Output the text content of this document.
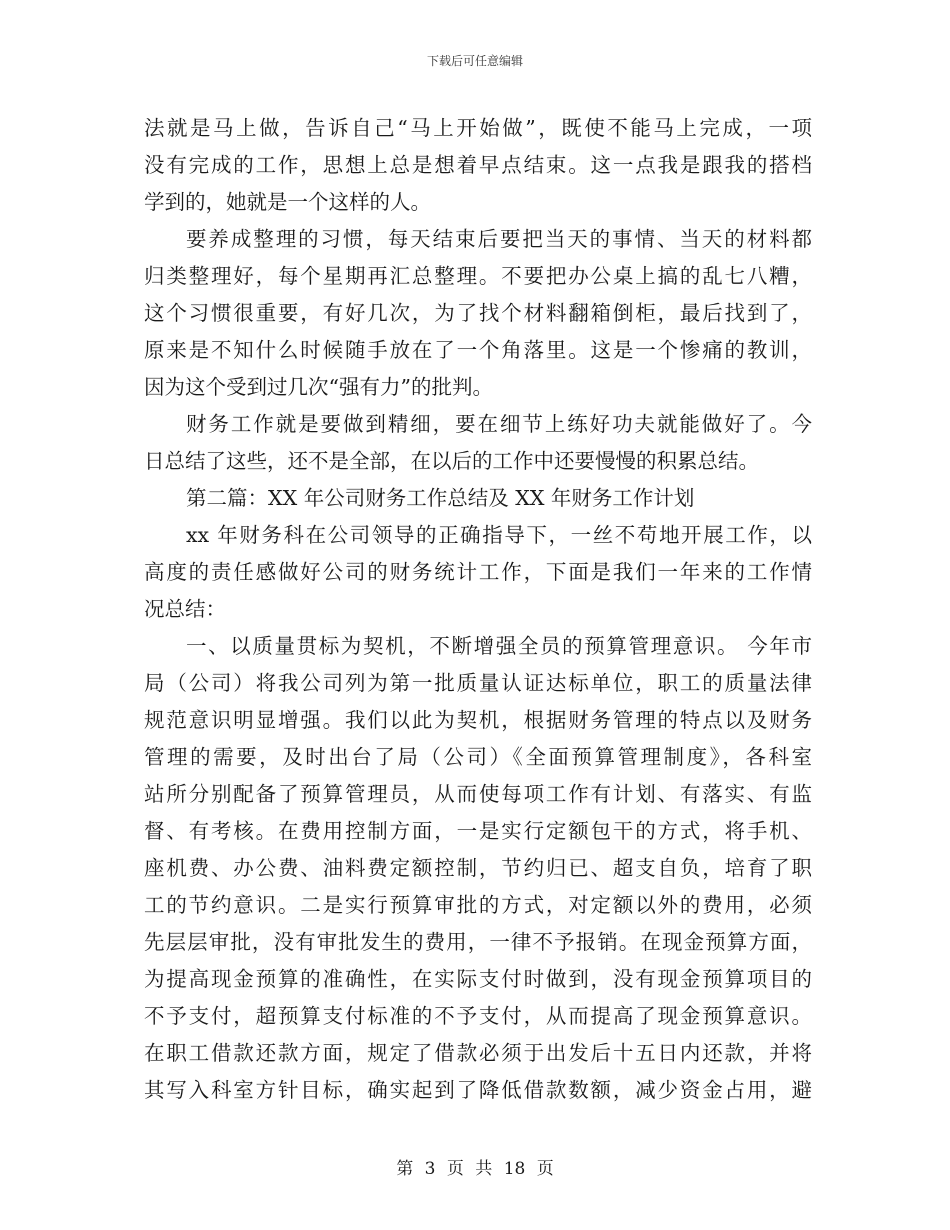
下载后可任意编辑
法就是马上做，告诉自己“马上开始做”，既使不能马上完成，一项
没有完成的工作，思想上总是想着早点结束。这一点我是跟我的搭档
学到的，她就是一个这样的人。
要养成整理的习惯，每天结束后要把当天的事情、当天的材料都
归类整理好，每个星期再汇总整理。不要把办公桌上搞的乱七八糟，
这个习惯很重要，有好几次，为了找个材料翻箱倒柜，最后找到了，
原来是不知什么时候随手放在了一个角落里。这是一个惨痛的教训，
因为这个受到过几次“强有力”的批判。
财务工作就是要做到精细，要在细节上练好功夫就能做好了。今
日总结了这些，还不是全部，在以后的工作中还要慢慢的积累总结。
第二篇：XX 年公司财务工作总结及 XX 年财务工作计划
xx 年财务科在公司领导的正确指导下，一丝不苟地开展工作，以
高度的责任感做好公司的财务统计工作，下面是我们一年来的工作情
况总结：
一、以质量贯标为契机，不断增强全员的预算管理意识。 今年市
局（公司）将我公司列为第一批质量认证达标单位，职工的质量法律
规范意识明显增强。我们以此为契机，根据财务管理的特点以及财务
管理的需要，及时出台了局（公司）《全面预算管理制度》，各科室
站所分别配备了预算管理员，从而使每项工作有计划、有落实、有监
督、有考核。在费用控制方面，一是实行定额包干的方式，将手机、
座机费、办公费、油料费定额控制，节约归已、超支自负，培育了职
工的节约意识。二是实行预算审批的方式，对定额以外的费用，必须
先层层审批，没有审批发生的费用，一律不予报销。在现金预算方面，
为提高现金预算的准确性，在实际支付时做到，没有现金预算项目的
不予支付，超预算支付标准的不予支付，从而提高了现金预算意识。
在职工借款还款方面，规定了借款必须于出发后十五日内还款，并将
其写入科室方针目标，确实起到了降低借款数额，减少资金占用，避
第 3 页 共 18 页
